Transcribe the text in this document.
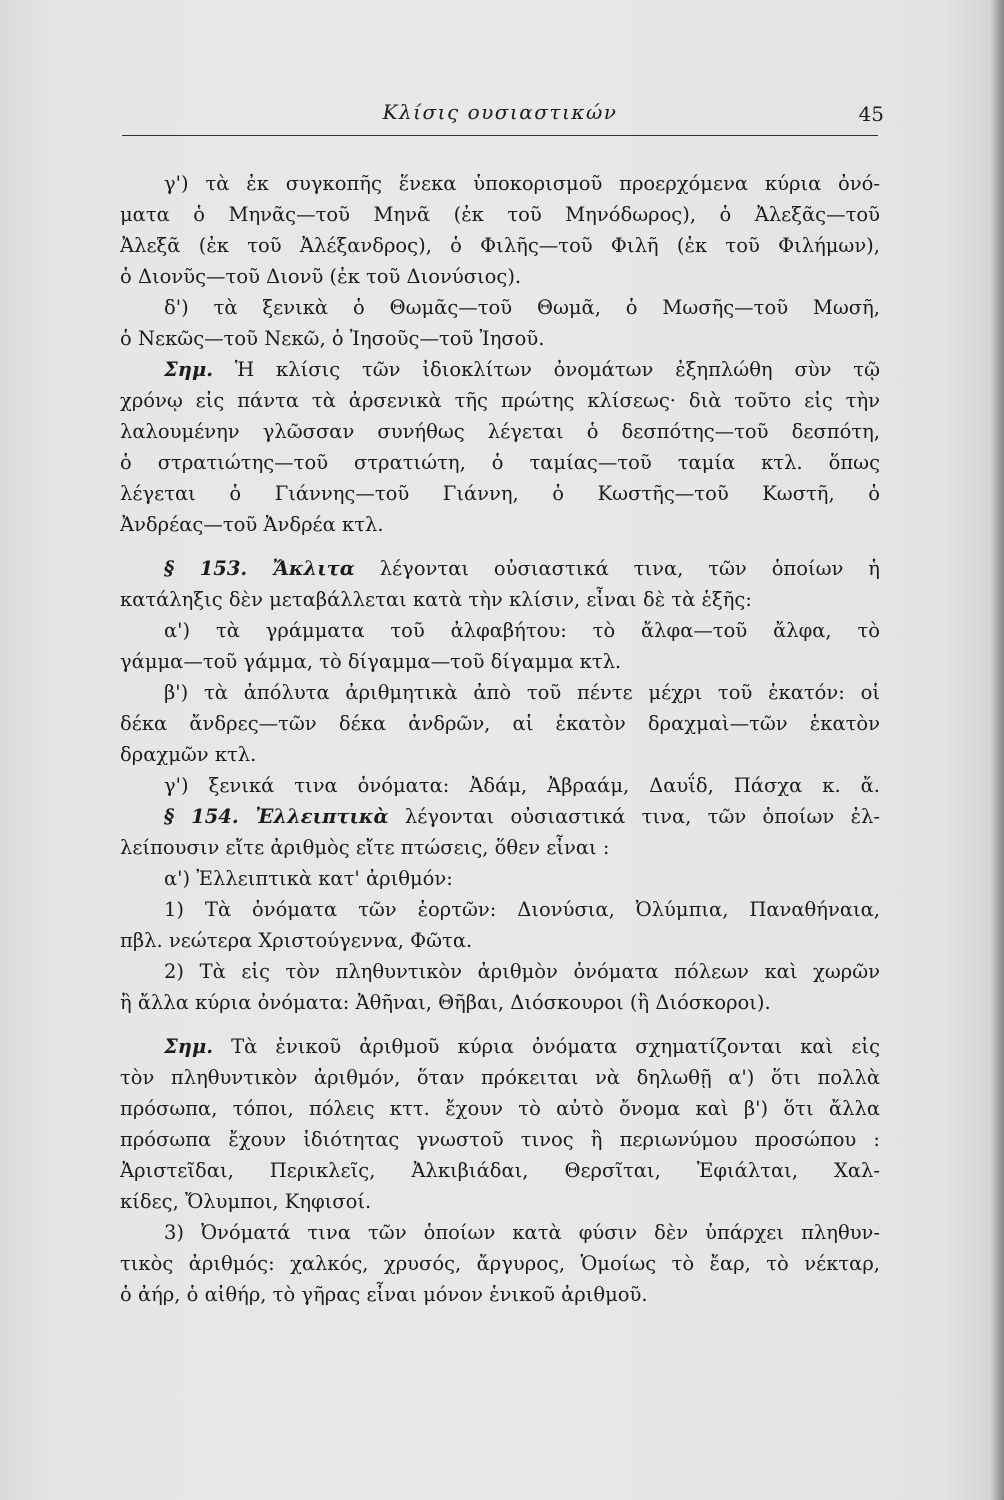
Κλίσις ουσιαστικών	45
γ') τὰ ἐκ συγκοπῆς ἕνεκα ὑποκορισμοῦ προερχόμενα κύρια ὀνό-
ματα ὁ Μηνᾶς—τοῦ Μηνᾶ (ἐκ τοῦ Μηνόδωρος), ὁ Ἀλεξᾶς—τοῦ
Ἀλεξᾶ (ἐκ τοῦ Ἀλέξανδρος), ὁ Φιλῆς—τοῦ Φιλῆ (ἐκ τοῦ Φιλήμων),
ὁ Διονῦς—τοῦ Διονῦ (ἐκ τοῦ Διονύσιος).
δ') τὰ ξενικὰ ὁ Θωμᾶς—τοῦ Θωμᾶ, ὁ Μωσῆς—τοῦ Μωσῆ,
ὁ Νεκῶς—τοῦ Νεκῶ, ὁ Ἰησοῦς—τοῦ Ἰησοῦ.
Σημ. Ἡ κλίσις τῶν ἰδιοκλίτων ὀνομάτων ἐξηπλώθη σὺν τῷ
χρόνῳ εἰς πάντα τὰ ἀρσενικὰ τῆς πρώτης κλίσεως· διὰ τοῦτο εἰς τὴν
λαλουμένην γλῶσσαν συνήθως λέγεται ὁ δεσπότης—τοῦ δεσπότη,
ὁ στρατιώτης—τοῦ στρατιώτη, ὁ ταμίας—τοῦ ταμία κτλ. ὅπως
λέγεται ὁ Γιάννης—τοῦ Γιάννη, ὁ Κωστῆς—τοῦ Κωστῆ, ὁ
Ἀνδρέας—τοῦ Ἀνδρέα κτλ.
§ 153. Ἄκλιτα λέγονται οὐσιαστικά τινα, τῶν ὁποίων ἡ
κατάληξις δὲν μεταβάλλεται κατὰ τὴν κλίσιν, εἶναι δὲ τὰ ἑξῆς:
α') τὰ γράμματα τοῦ ἀλφαβήτου: τὸ ἄλφα—τοῦ ἄλφα, τὸ
γάμμα—τοῦ γάμμα, τὸ δίγαμμα—τοῦ δίγαμμα κτλ.
β') τὰ ἀπόλυτα ἀριθμητικὰ ἀπὸ τοῦ πέντε μέχρι τοῦ ἑκατόν: οἱ
δέκα ἄνδρες—τῶν δέκα ἀνδρῶν, αἱ ἑκατὸν δραχμαὶ—τῶν ἑκατὸν
δραχμῶν κτλ.
γ') ξενικά τινα ὀνόματα: Ἀδάμ, Ἀβραάμ, Δαυΐδ, Πάσχα κ. ἄ.
§ 154. Ἐλλειπτικὰ λέγονται οὐσιαστικά τινα, τῶν ὁποίων ἐλ-
λείπουσιν εἴτε ἀριθμὸς εἴτε πτώσεις, ὅθεν εἶναι :
α') Ἐλλειπτικὰ κατ' ἀριθμόν:
1) Τὰ ὀνόματα τῶν ἑορτῶν: Διονύσια, Ὀλύμπια, Παναθήναια,
πβλ. νεώτερα Χριστούγεννα, Φῶτα.
2) Τὰ εἰς τὸν πληθυντικὸν ἀριθμὸν ὀνόματα πόλεων καὶ χωρῶν
ἢ ἄλλα κύρια ὀνόματα: Ἀθῆναι, Θῆβαι, Διόσκουροι (ἢ Διόσκοροι).
Σημ. Τὰ ἑνικοῦ ἀριθμοῦ κύρια ὀνόματα σχηματίζονται καὶ εἰς
τὸν πληθυντικὸν ἀριθμόν, ὅταν πρόκειται νὰ δηλωθῇ α') ὅτι πολλὰ
πρόσωπα, τόποι, πόλεις κττ. ἔχουν τὸ αὐτὸ ὄνομα καὶ β') ὅτι ἄλλα
πρόσωπα ἔχουν ἰδιότητας γνωστοῦ τινος ἢ περιωνύμου προσώπου :
Ἀριστεῖδαι, Περικλεῖς, Ἀλκιβιάδαι, Θερσῖται, Ἐφιάλται, Χαλ-
κίδες, Ὄλυμποι, Κηφισοί.
3) Ὀνόματά τινα τῶν ὁποίων κατὰ φύσιν δὲν ὑπάρχει πληθυν-
τικὸς ἀριθμός: χαλκός, χρυσός, ἄργυρος, Ὁμοίως τὸ ἔαρ, τὸ νέκταρ,
ὁ ἀήρ, ὁ αἰθήρ, τὸ γῆρας εἶναι μόνον ἑνικοῦ ἀριθμοῦ.
